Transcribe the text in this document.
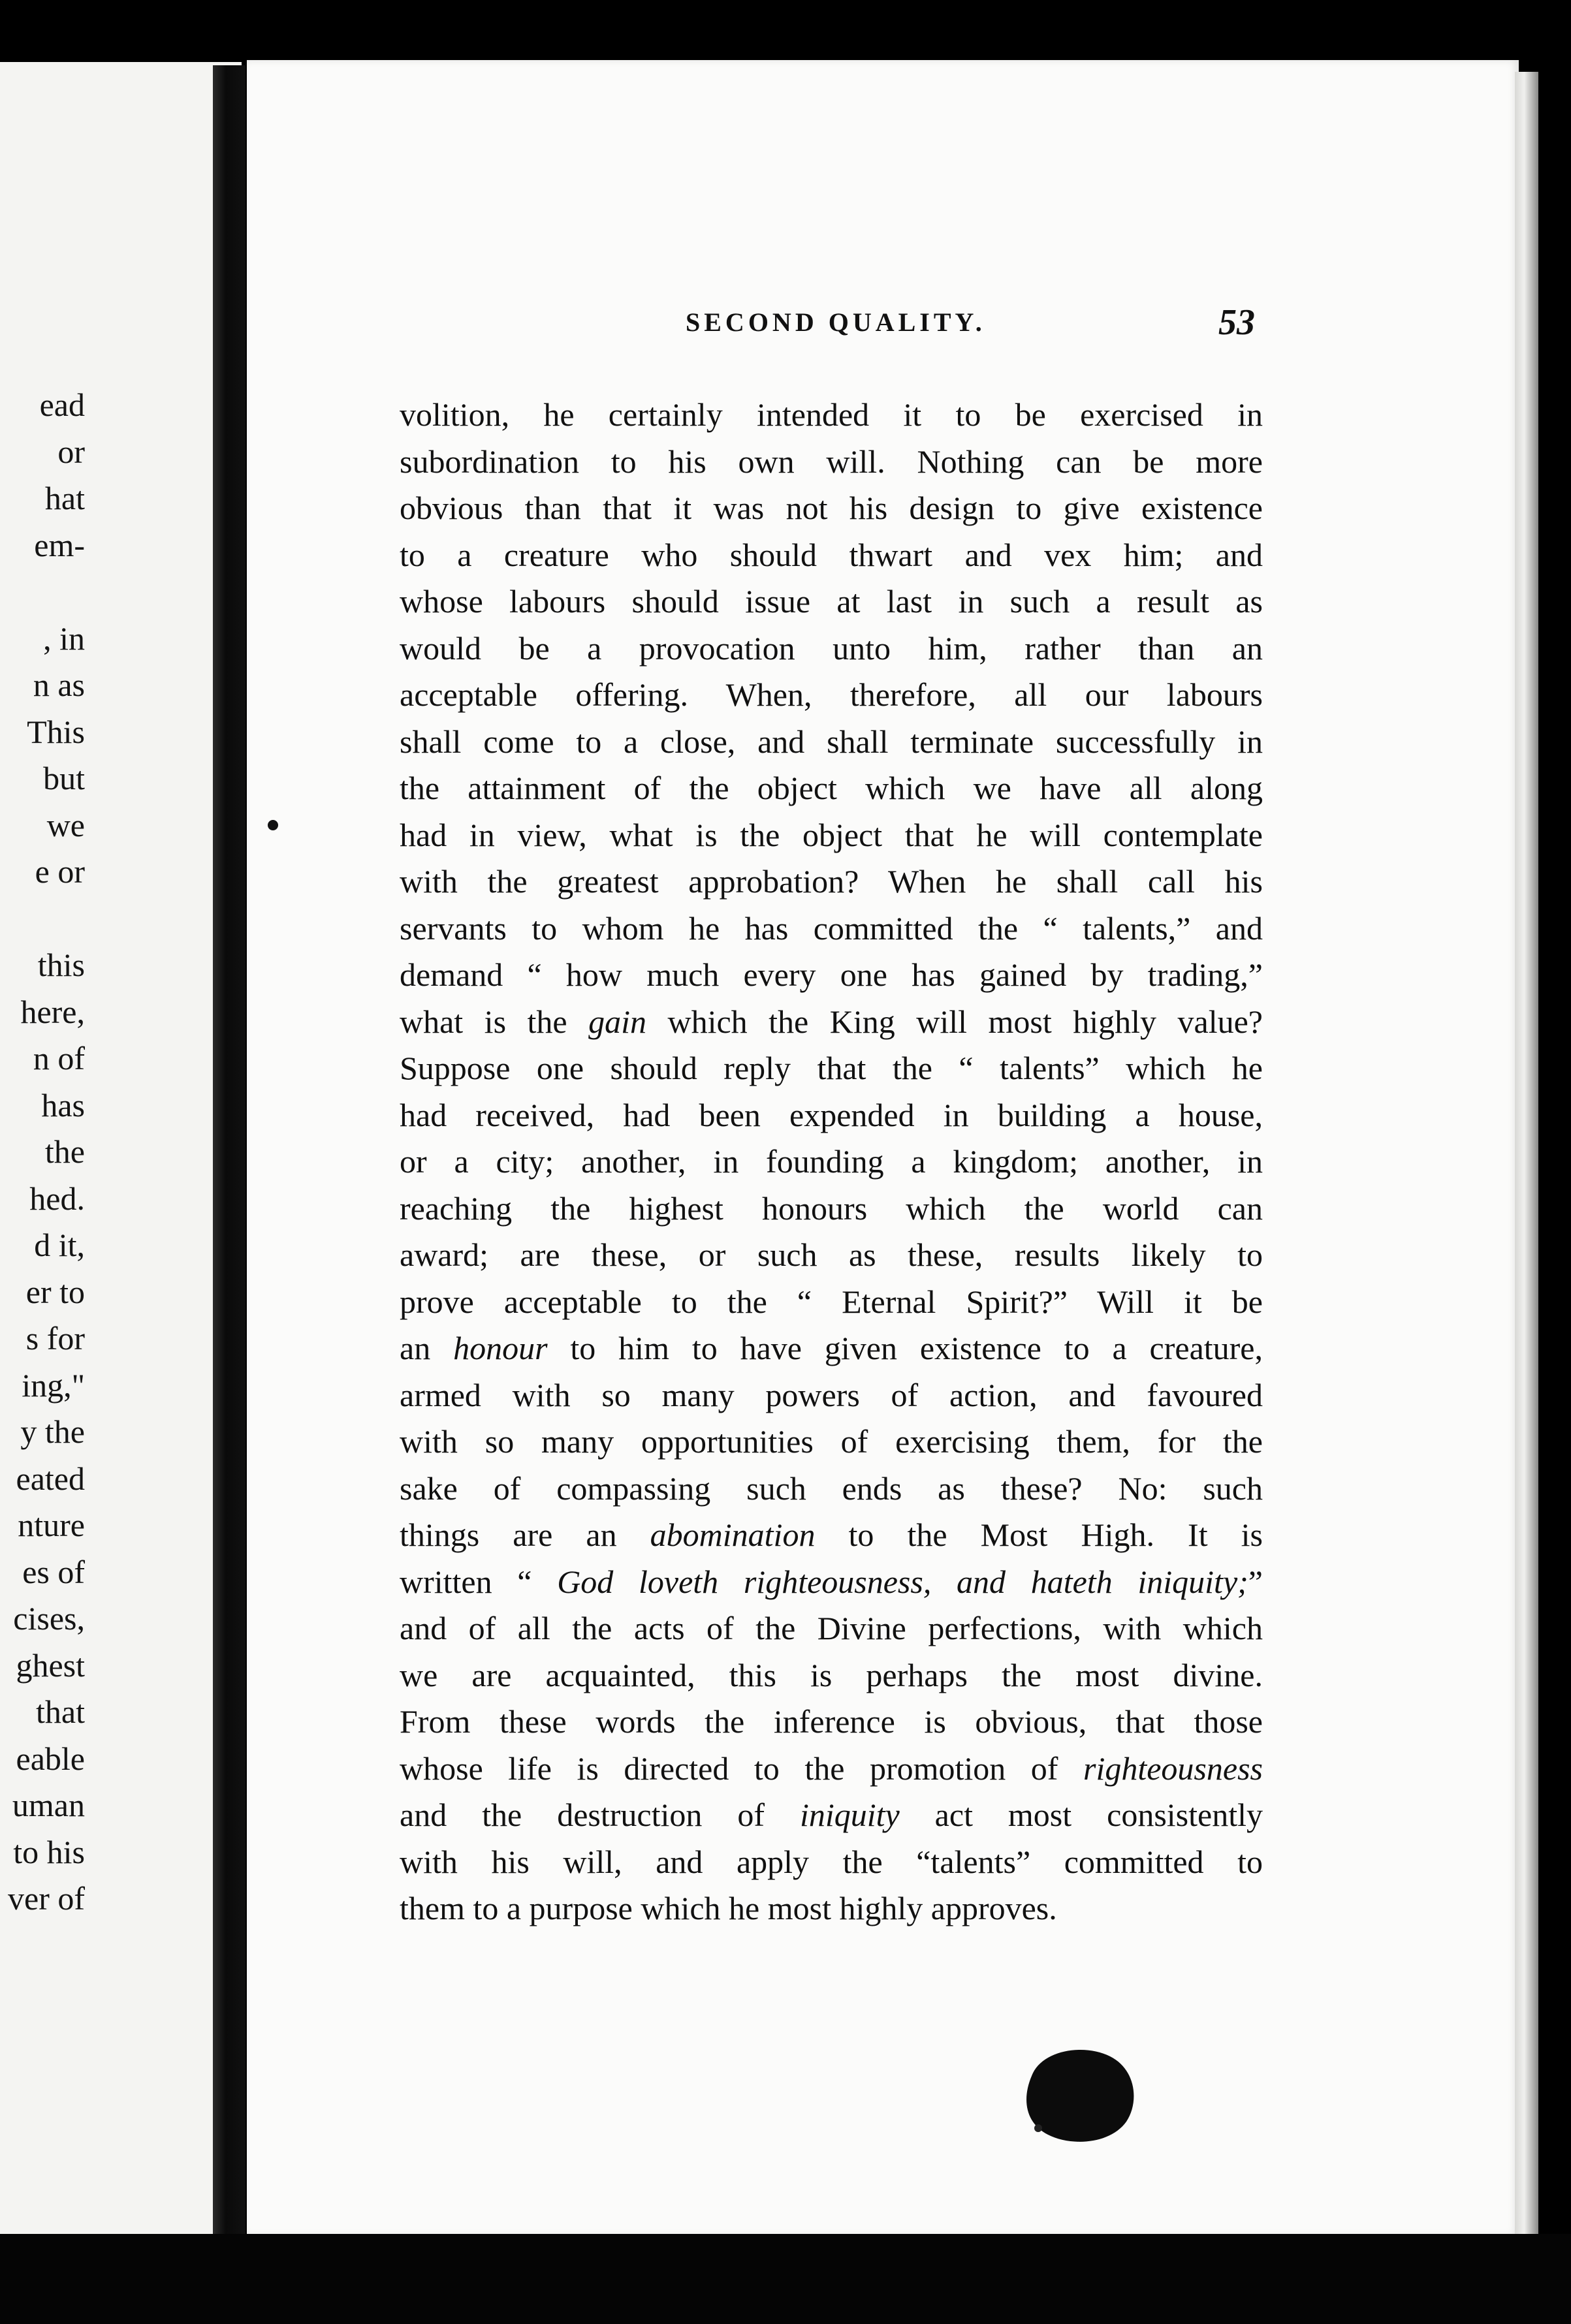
ead
or
hat
em-
, in
n as
This
but
we
e or
this
here,
n of
has
the
hed.
d it,
er to
s for
ing,"
y the
eated
nture
es of
cises,
ghest
that
eable
uman
to his
ver of
SECOND QUALITY.	53
volition, he certainly intended it to be exercised in
subordination to his own will. Nothing can be more
obvious than that it was not his design to give existence
to a creature who should thwart and vex him; and
whose labours should issue at last in such a result as
would be a provocation unto him, rather than an
acceptable offering. When, therefore, all our labours
shall come to a close, and shall terminate successfully in
the attainment of the object which we have all along
had in view, what is the object that he will contemplate
with the greatest approbation? When he shall call his
servants to whom he has committed the “ talents,” and
demand “ how much every one has gained by trading,”
what is the gain which the King will most highly value?
Suppose one should reply that the “ talents” which he
had received, had been expended in building a house,
or a city; another, in founding a kingdom; another, in
reaching the highest honours which the world can
award; are these, or such as these, results likely to
prove acceptable to the “ Eternal Spirit?” Will it be
an honour to him to have given existence to a creature,
armed with so many powers of action, and favoured
with so many opportunities of exercising them, for the
sake of compassing such ends as these? No: such
things are an abomination to the Most High. It is
written “ God loveth righteousness, and hateth iniquity;”
and of all the acts of the Divine perfections, with which
we are acquainted, this is perhaps the most divine.
From these words the inference is obvious, that those
whose life is directed to the promotion of righteousness
and the destruction of iniquity act most consistently
with his will, and apply the “talents” committed to
them to a purpose which he most highly approves.
